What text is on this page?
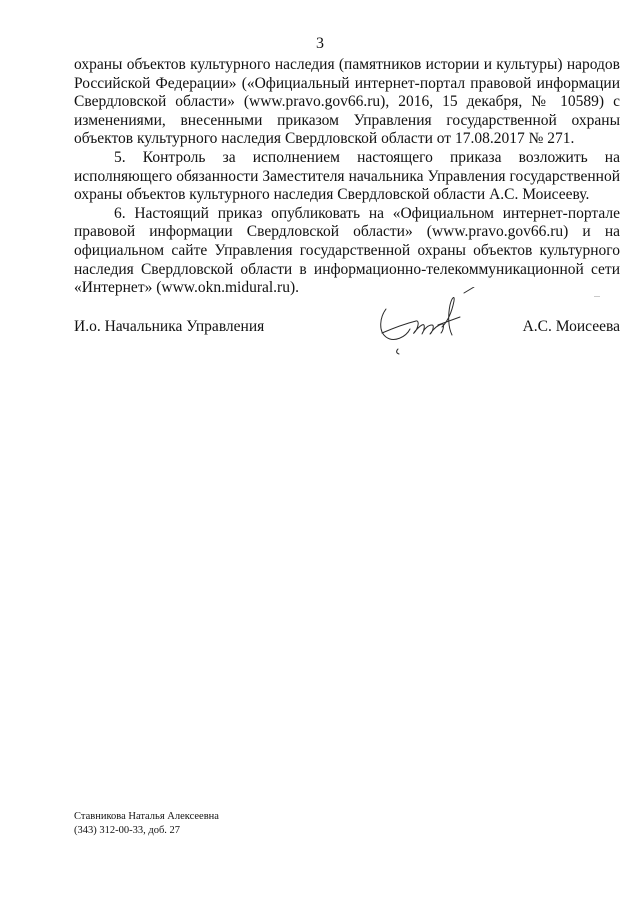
3

охраны объектов культурного наследия (памятников истории и культуры) народов Российской Федерации» («Официальный интернет-портал правовой информации Свердловской области» (www.pravo.gov66.ru), 2016, 15 декабря, № 10589) с изменениями, внесенными приказом Управления государственной охраны объектов культурного наследия Свердловской области от 17.08.2017 № 271.

5. Контроль за исполнением настоящего приказа возложить на исполняющего обязанности Заместителя начальника Управления государственной охраны объектов культурного наследия Свердловской области А.С. Моисееву.

6. Настоящий приказ опубликовать на «Официальном интернет-портале правовой информации Свердловской области» (www.pravo.gov66.ru) и на официальном сайте Управления государственной охраны объектов культурного наследия Свердловской области в информационно-телекоммуникационной сети «Интернет» (www.okn.midural.ru).

И.о. Начальника Управления	А.С. Моисеева
Ставникова Наталья Алексеевна
(343) 312-00-33, доб. 27
